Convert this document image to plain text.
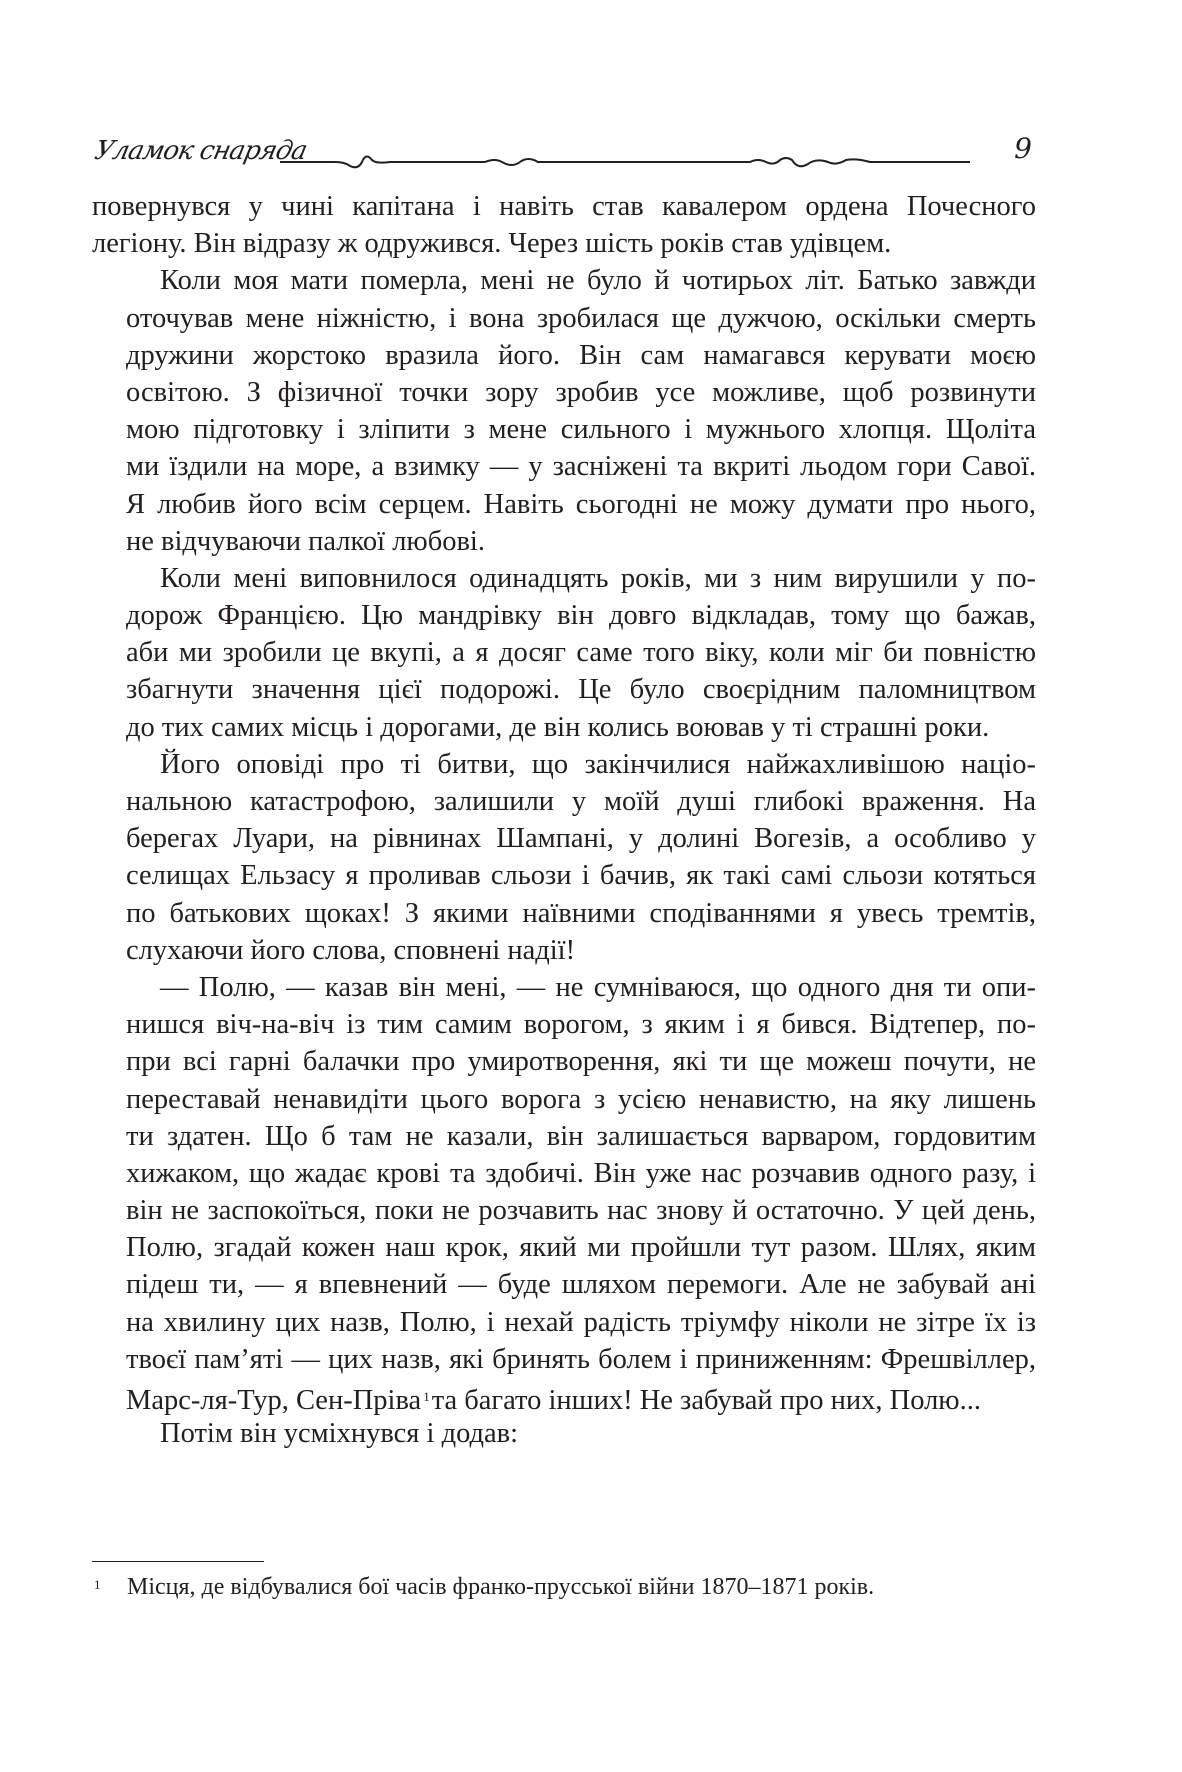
Уламок снаряда	9

повернувся у чині капітана і навіть став кавалером ордена Почесного
легіону. Він відразу ж одружився. Через шість років став удівцем.

Коли моя мати померла, мені не було й чотирьох літ. Батько завжди
оточував мене ніжністю, і вона зробилася ще дужчою, оскільки смерть
дружини жорстоко вразила його. Він сам намагався керувати моєю
освітою. З фізичної точки зору зробив усе можливе, щоб розвинути
мою підготовку і зліпити з мене сильного і мужнього хлопця. Щоліта
ми їздили на море, а взимку — у засніжені та вкриті льодом гори Савої.
Я любив його всім серцем. Навіть сьогодні не можу думати про нього,
не відчуваючи палкої любові.

Коли мені виповнилося одинадцять років, ми з ним вирушили у по-
дорож Францією. Цю мандрівку він довго відкладав, тому що бажав,
аби ми зробили це вкупі, а я досяг саме того віку, коли міг би повністю
збагнути значення цієї подорожі. Це було своєрідним паломництвом
до тих самих місць і дорогами, де він колись воював у ті страшні роки.

Його оповіді про ті битви, що закінчилися найжахливішою націо-
нальною катастрофою, залишили у моїй душі глибокі враження. На
берегах Луари, на рівнинах Шампані, у долині Вогезів, а особливо у
селищах Ельзасу я проливав сльози і бачив, як такі самі сльози котяться
по батькових щоках! З якими наївними сподіваннями я увесь тремтів,
слухаючи його слова, сповнені надії!

— Полю, — казав він мені, — не сумніваюся, що одного дня ти опи-
нишся віч-на-віч із тим самим ворогом, з яким і я бився. Відтепер, по-
при всі гарні балачки про умиротворення, які ти ще можеш почути, не
переставай ненавидіти цього ворога з усією ненавистю, на яку лишень
ти здатен. Що б там не казали, він залишається варваром, гордовитим
хижаком, що жадає крові та здобичі. Він уже нас розчавив одного разу, і
він не заспокоїться, поки не розчавить нас знову й остаточно. У цей день,
Полю, згадай кожен наш крок, який ми пройшли тут разом. Шлях, яким
підеш ти, — я впевнений — буде шляхом перемоги. Але не забувай ані
на хвилину цих назв, Полю, і нехай радість тріумфу ніколи не зітре їх із
твоєї пам’яті — цих назв, які бринять болем і приниженням: Фрешвіллер,
Марс-ля-Тур, Сен-Пріва $^1$та багато інших! Не забувай про них, Полю...

Потім він усміхнувся і додав:

1 Місця, де відбувалися бої часів франко-прусської війни 1870–1871 років.
